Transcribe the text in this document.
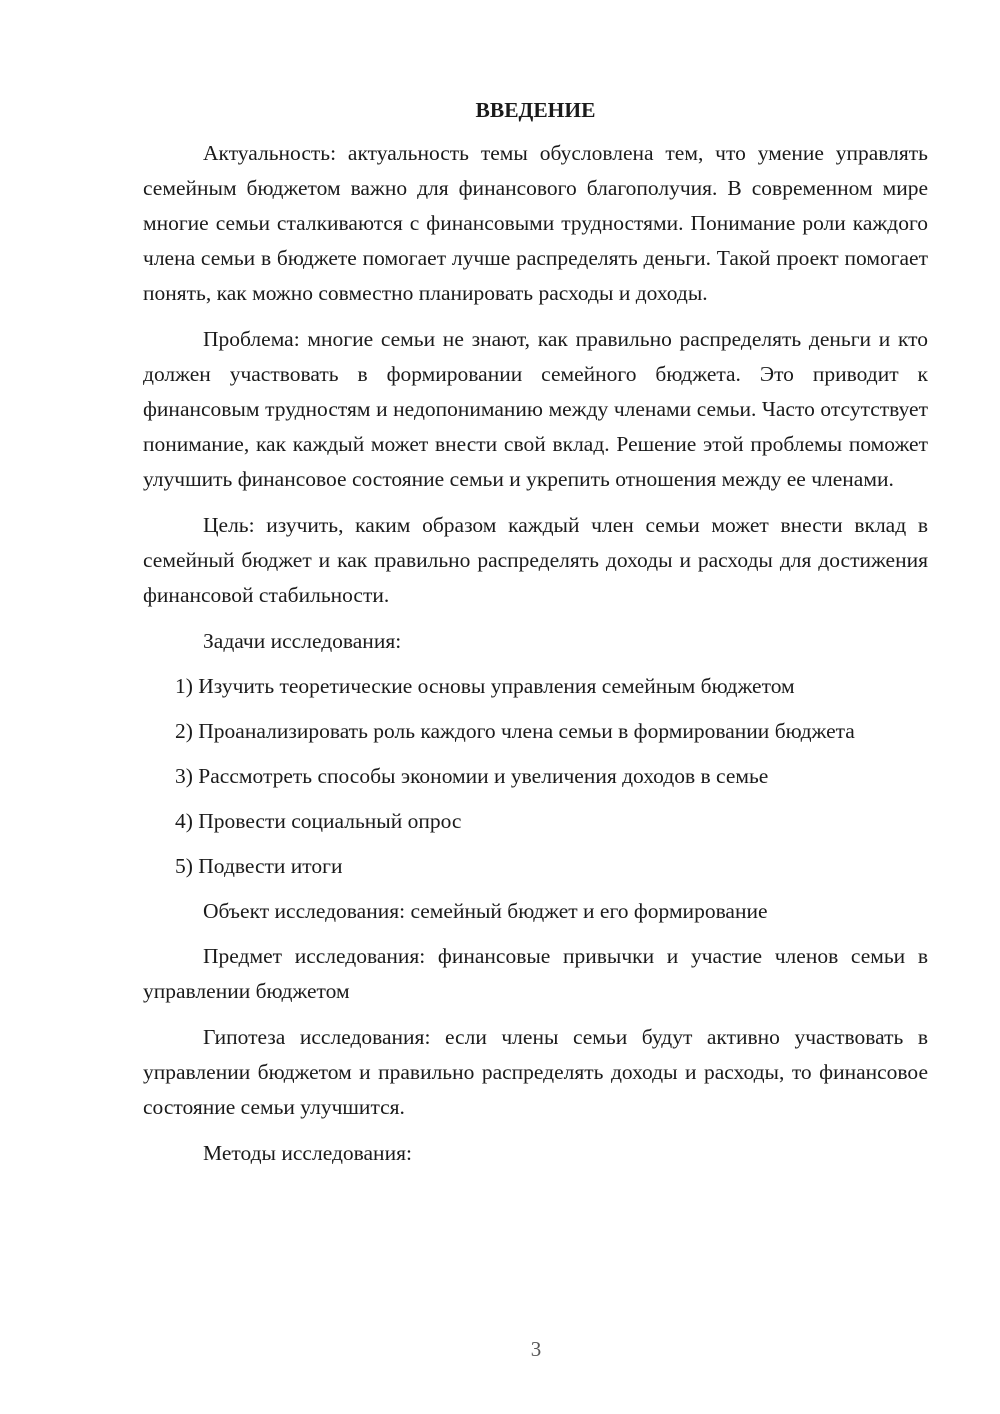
ВВЕДЕНИЕ

Актуальность: актуальность темы обусловлена тем, что умение управлять семейным бюджетом важно для финансового благополучия. В современном мире многие семьи сталкиваются с финансовыми трудностями. Понимание роли каждого члена семьи в бюджете помогает лучше распределять деньги. Такой проект помогает понять, как можно совместно планировать расходы и доходы.

Проблема: многие семьи не знают, как правильно распределять деньги и кто должен участвовать в формировании семейного бюджета. Это приводит к финансовым трудностям и недопониманию между членами семьи. Часто отсутствует понимание, как каждый может внести свой вклад. Решение этой проблемы поможет улучшить финансовое состояние семьи и укрепить отношения между ее членами.

Цель: изучить, каким образом каждый член семьи может внести вклад в семейный бюджет и как правильно распределять доходы и расходы для достижения финансовой стабильности.

Задачи исследования:

1) Изучить теоретические основы управления семейным бюджетом

2) Проанализировать роль каждого члена семьи в формировании бюджета

3) Рассмотреть способы экономии и увеличения доходов в семье

4) Провести социальный опрос

5) Подвести итоги

Объект исследования: семейный бюджет и его формирование

Предмет исследования: финансовые привычки и участие членов семьи в управлении бюджетом

Гипотеза исследования: если члены семьи будут активно участвовать в управлении бюджетом и правильно распределять доходы и расходы, то финансовое состояние семьи улучшится.

Методы исследования:

3
